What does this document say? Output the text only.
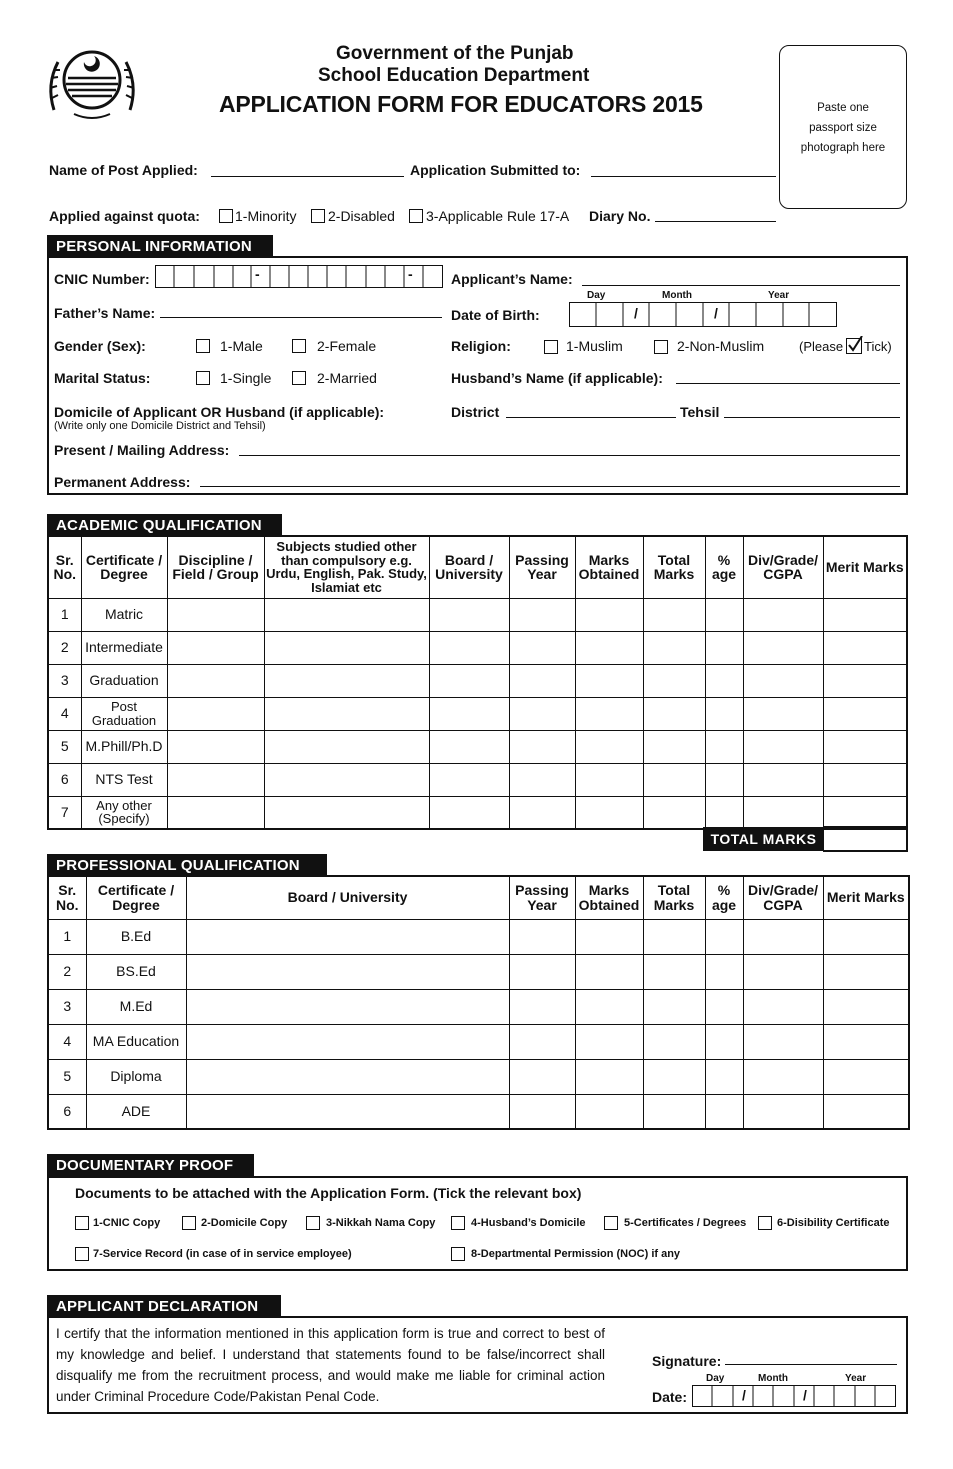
Government of the Punjab
School Education Department
APPLICATION FORM FOR EDUCATORS 2015	Paste one
passport size
photograph here
Name of Post Applied:	Application Submitted to:
Applied against quota:	1-Minority 2-Disabled 3-Applicable Rule 17-A Diary No.
PERSONAL INFORMATION
CNIC Number:	-	-	Applicant’s Name:
Father’s Name:
Day	Month	Year
Date of Birth:	/	/
Gender (Sex):	1-Male	2-Female	Religion:	1-Muslim	2-Non-Muslim	(Please Tick)
Marital Status:	1-Single	2-Married	Husband’s Name (if applicable):
Domicile of Applicant OR Husband (if applicable):
(Write only one Domicile District and Tehsil)
District	Tehsil
Present / Mailing Address:
Permanent Address:
ACADEMIC QUALIFICATION
Sr. No.	Certificate / Degree	Discipline / Field / Group	Subjects studied other than compulsory e.g. Urdu, English, Pak. Study, Islamiat etc	Board / University	Passing Year	Marks Obtained	Total Marks	% age	Div/Grade/ CGPA	Merit Marks
1	Matric									
2	Intermediate									
3	Graduation									
4	Post Graduation									
5	M.Phill/Ph.D									
6	NTS Test									
7	Any other (Specify)									
TOTAL MARKS
PROFESSIONAL QUALIFICATION
Sr. No.	Certificate / Degree	Board / University	Passing Year	Marks Obtained	Total Marks	% age	Div/Grade/ CGPA	Merit Marks
1	B.Ed							
2	BS.Ed							
3	M.Ed							
4	MA Education							
5	Diploma							
6	ADE							
DOCUMENTARY PROOF
Documents to be attached with the Application Form. (Tick the relevant box)
1-CNIC Copy	2-Domicile Copy	3-Nikkah Nama Copy	4-Husband’s Domicile	5-Certificates / Degrees	6-Disibility Certificate
7-Service Record (in case of in service employee)	8-Departmental Permission (NOC) if any
APPLICANT DECLARATION
I certify that the information mentioned in this application form is true and correct to best of my knowledge and belief. I understand that statements found to be false/incorrect shall disqualify me from the recruitment process, and would make me liable for criminal action under Criminal Procedure Code/Pakistan Penal Code.
Signature:
Day	Month	Year
Date:	/	/
